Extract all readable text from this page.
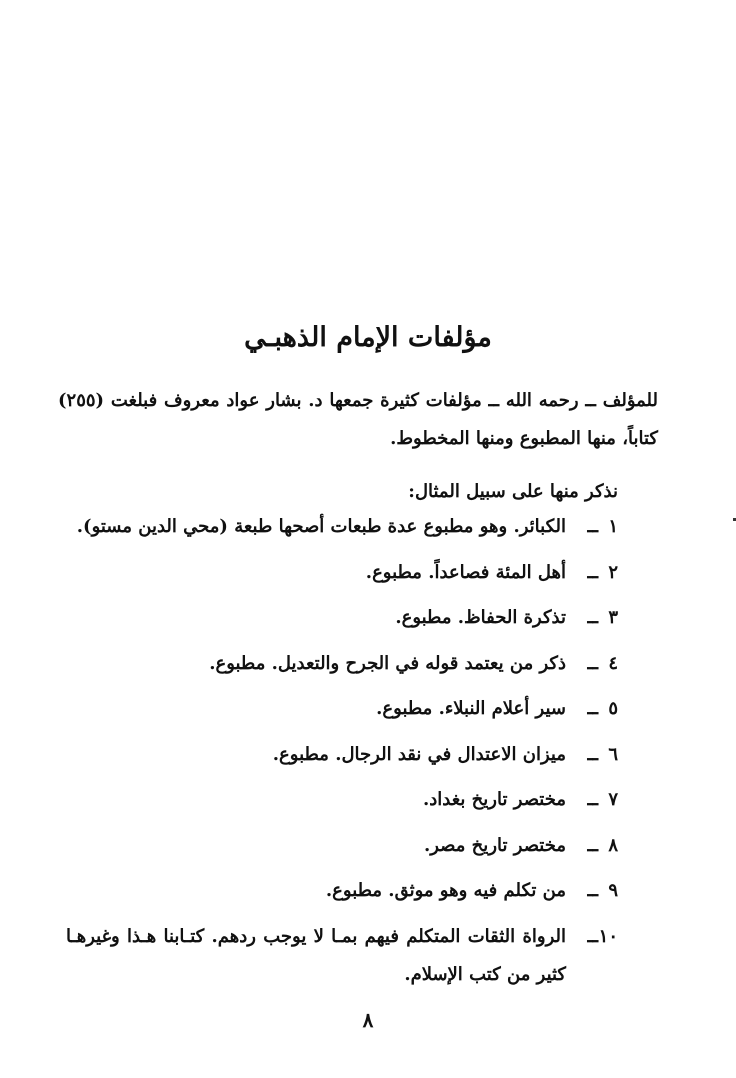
مؤلفات الإمام الذهبـي
للمؤلف ــ رحمه الله ــ مؤلفات كثيرة جمعها د. بشار عواد معروف فبلغت (٢٥٥) كتاباً، منها المطبوع ومنها المخطوط.
نذكر منها على سبيل المثال:
١
ــ
الكبائر. وهو مطبوع عدة طبعات أصحها طبعة (محي الدين مستو).
٢
ــ
أهل المئة فصاعداً. مطبوع.
٣
ــ
تذكرة الحفاظ. مطبوع.
٤
ــ
ذكر من يعتمد قوله في الجرح والتعديل. مطبوع.
٥
ــ
سير أعلام النبلاء. مطبوع.
٦
ــ
ميزان الاعتدال في نقد الرجال. مطبوع.
٧
ــ
مختصر تاريخ بغداد.
٨
ــ
مختصر تاريخ مصر.
٩
ــ
من تكلم فيه وهو موثق. مطبوع.
١٠
ــ
الرواة الثقات المتكلم فيهم بمـا لا يوجب ردهم. كتـابنا هـذا وغيرهـا كثير من كتب الإسلام.
٨
